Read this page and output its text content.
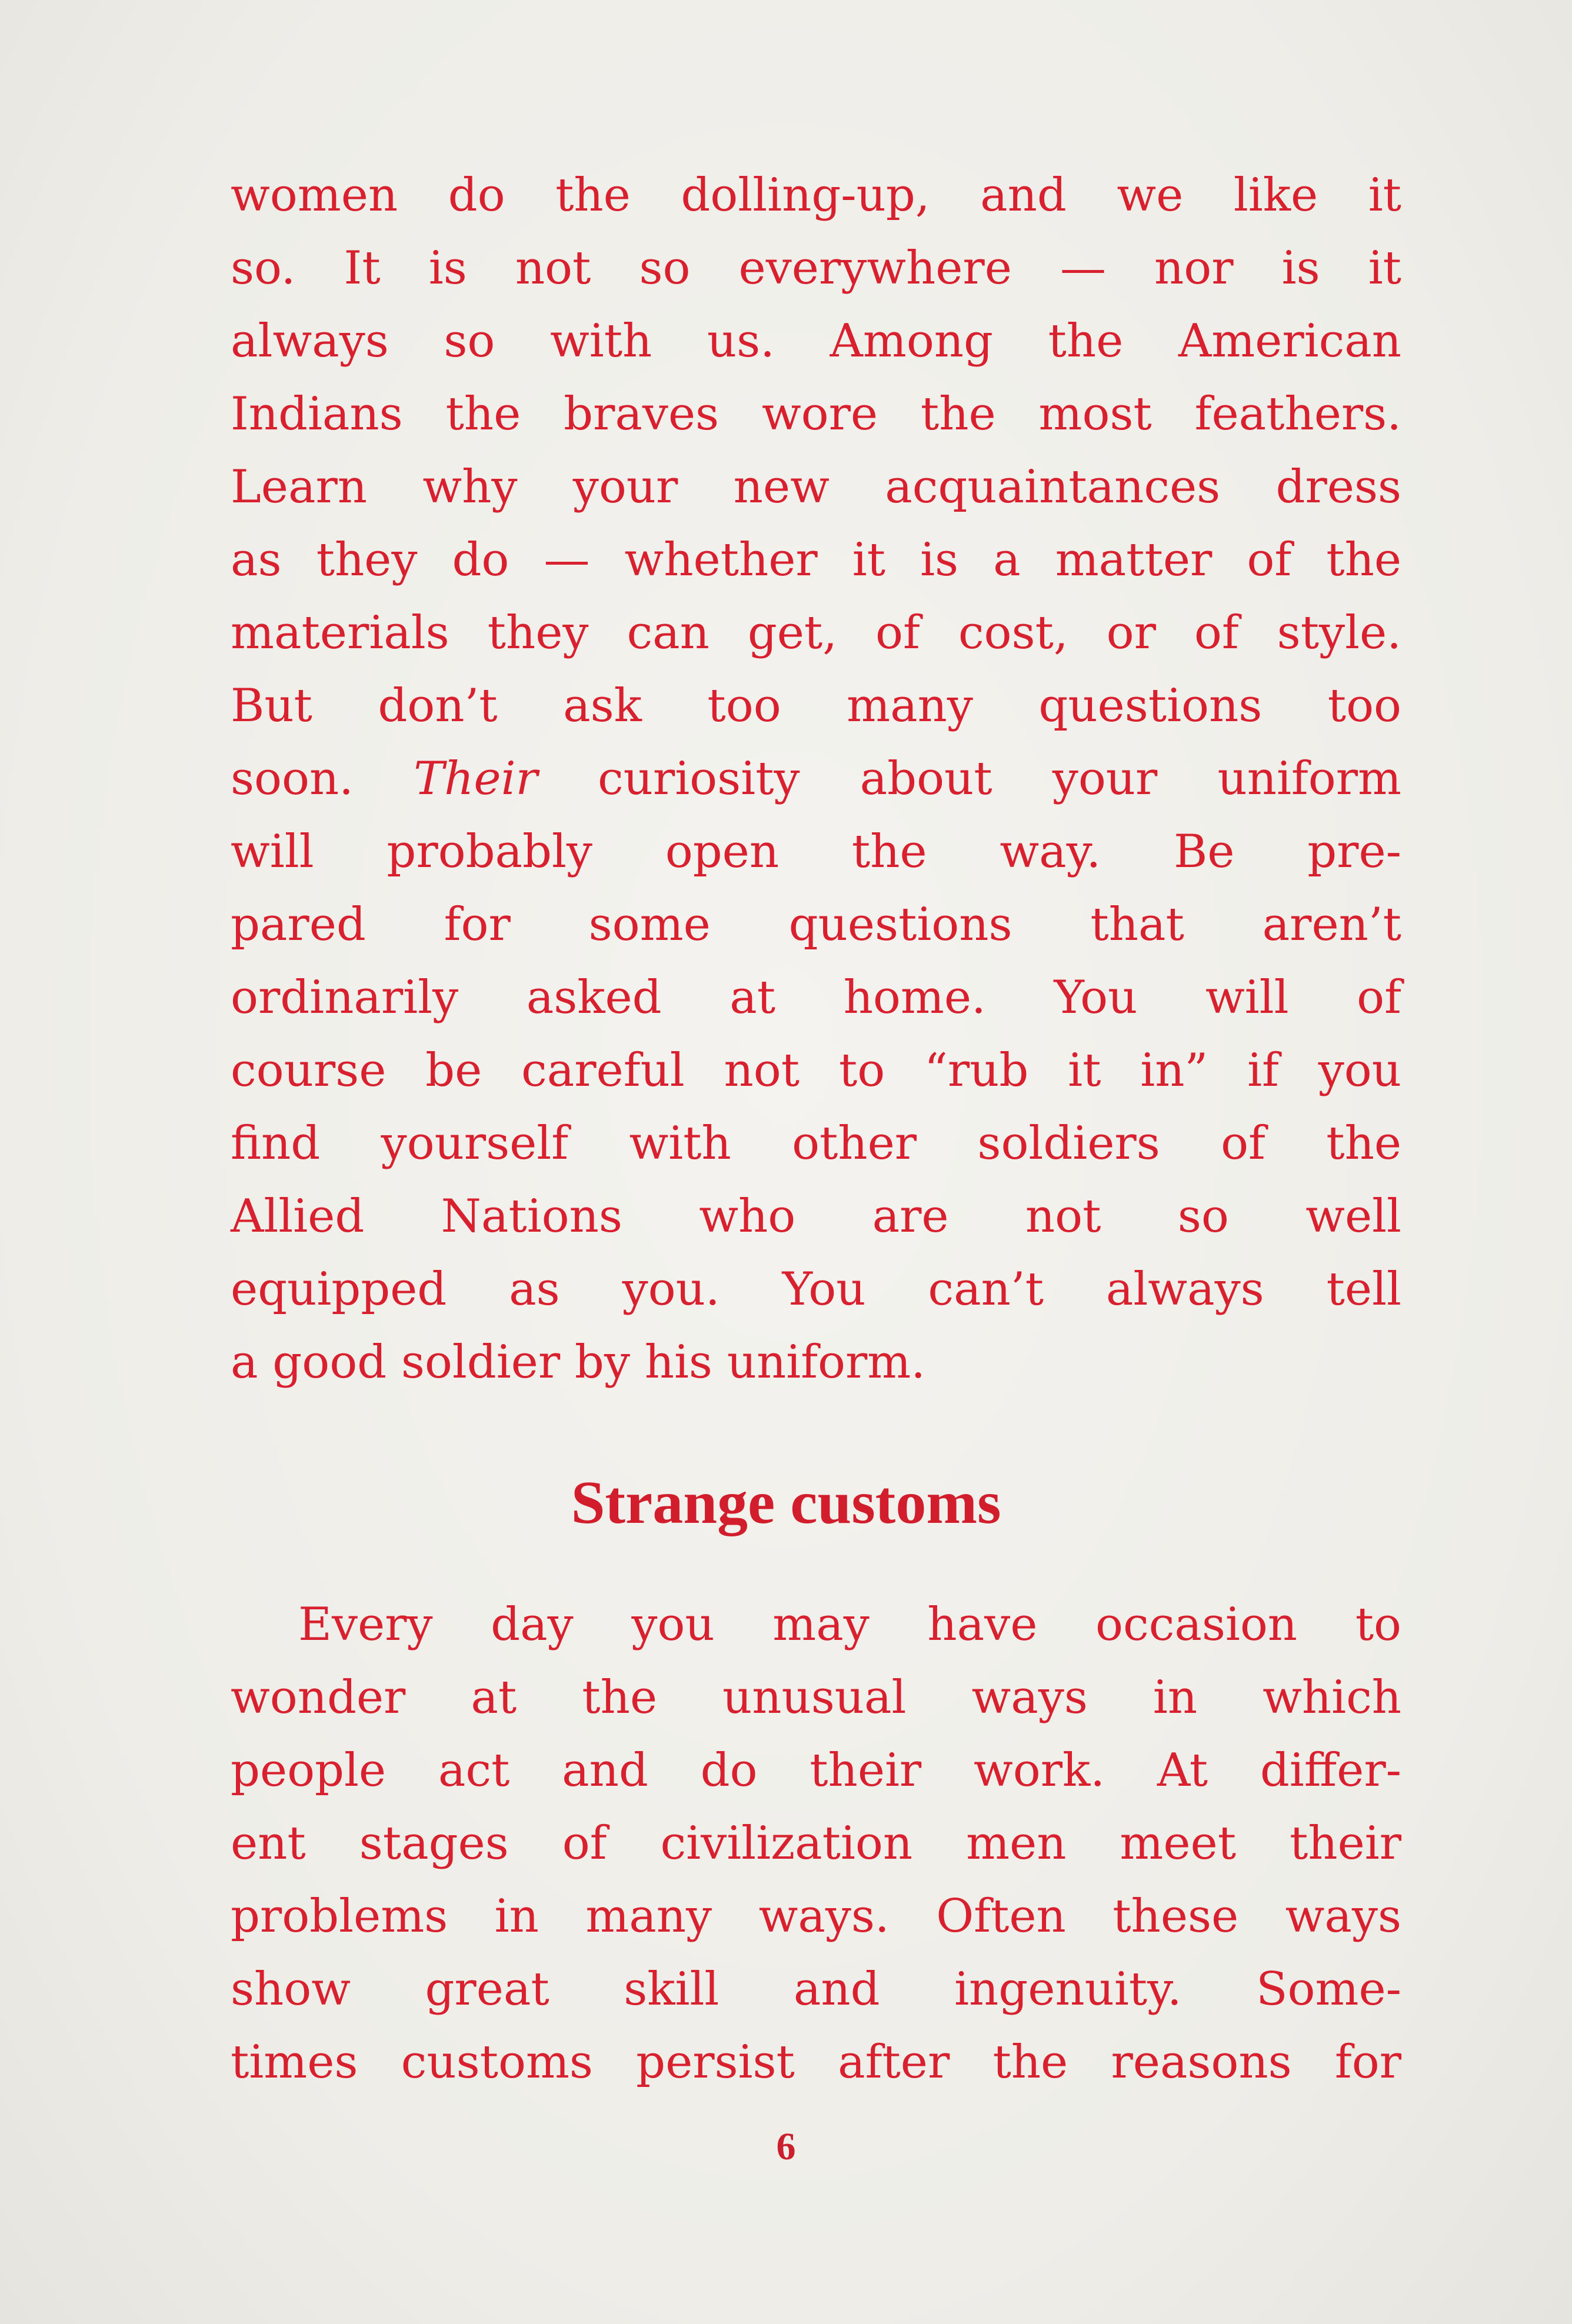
women do the dolling-up, and we like it
so. It is not so everywhere — nor is it
always so with us. Among the American
Indians the braves wore the most feathers.
Learn why your new acquaintances dress
as they do — whether it is a matter of the
materials they can get, of cost, or of style.
But don’t ask too many questions too
soon. Their curiosity about your uniform
will probably open the way. Be pre-
pared for some questions that aren’t
ordinarily asked at home. You will of
course be careful not to “rub it in” if you
find yourself with other soldiers of the
Allied Nations who are not so well
equipped as you. You can’t always tell
a good soldier by his uniform.
Strange customs
Every day you may have occasion to
wonder at the unusual ways in which
people act and do their work. At differ-
ent stages of civilization men meet their
problems in many ways. Often these ways
show great skill and ingenuity. Some-
times customs persist after the reasons for
6
